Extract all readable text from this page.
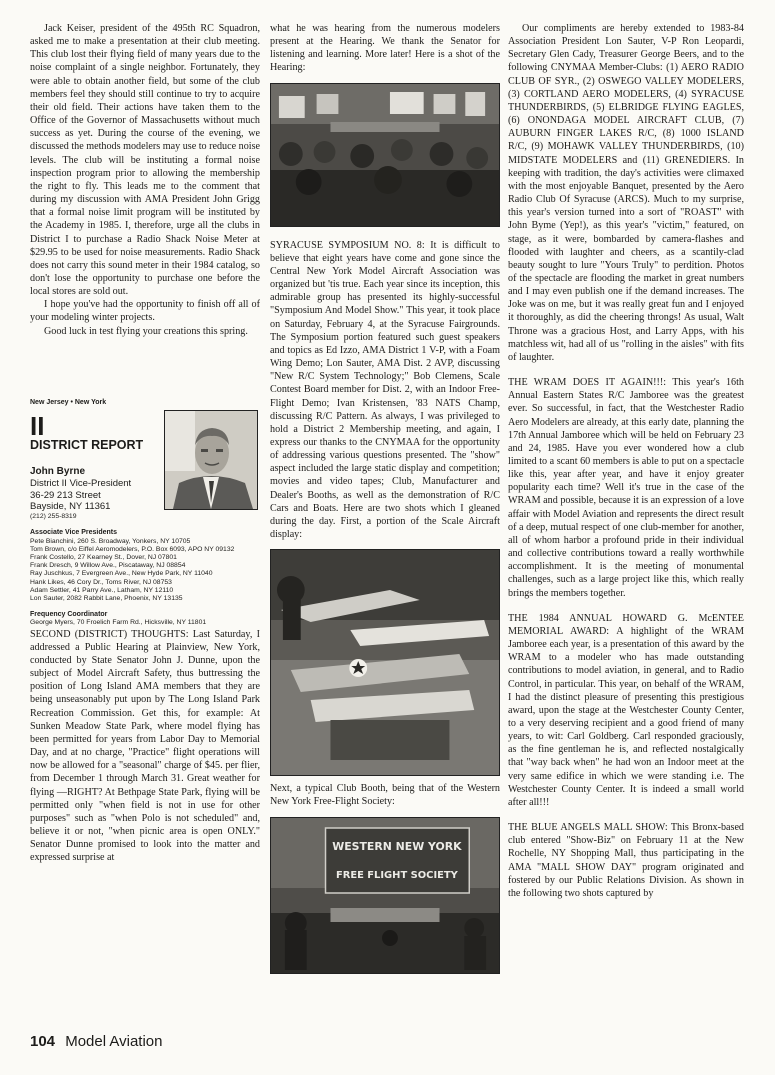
Jack Keiser, president of the 495th RC Squadron, asked me to make a presentation at their club meeting. This club lost their flying field of many years due to the noise complaint of a single neighbor. Fortunately, they were able to obtain another field, but some of the club members feel they should still continue to try to acquire their old field. Their actions have taken them to the Office of the Governor of Massachusetts without much success as yet. During the course of the evening, we discussed the methods modelers may use to reduce noise levels. The club will be instituting a formal noise inspection program prior to allowing the membership the right to fly. This leads me to the comment that during my discussion with AMA President John Grigg that a formal noise limit program will be instituted by the Academy in 1985. I, therefore, urge all the clubs in District I to purchase a Radio Shack Noise Meter at $29.95 to be used for noise measurements. Radio Shack does not carry this sound meter in their 1984 catalog, so don't lose the opportunity to purchase one before the local stores are sold out.

I hope you've had the opportunity to finish off all of your modeling winter projects.

Good luck in test flying your creations this spring.

New Jersey • New York
II
DISTRICT REPORT
John Byrne
District II Vice-President
36-29 213 Street
Bayside, NY 11361
(212) 255-8319
Associate Vice Presidents
Pete Bianchini, 260 S. Broadway, Yonkers, NY 10705
Tom Brown, c/o Eiffel Aeromodelers, P.O. Box 6093, APO NY 09132
Frank Costello, 27 Kearney St., Dover, NJ 07801
Frank Dresch, 9 Willow Ave., Piscataway, NJ 08854
Ray Juschkus, 7 Evergreen Ave., New Hyde Park, NY 11040
Hank Likes, 46 Cory Dr., Toms River, NJ 08753
Adam Settler, 41 Parry Ave., Latham, NY 12110
Lon Sauter, 2082 Rabbit Lane, Phoenix, NY 13135
Frequency Coordinator
George Myers, 70 Froelich Farm Rd., Hicksville, NY 11801

SECOND (DISTRICT) THOUGHTS: Last Saturday, I addressed a Public Hearing at Plainview, New York, conducted by State Senator John J. Dunne, upon the subject of Model Aircraft Safety, thus buttressing the position of Long Island AMA members that they are being unseasonably put upon by The Long Island Park Recreation Commission. Get this, for example: At Sunken Meadow State Park, where model flying has been permitted for years from Labor Day to Memorial Day, and at no charge, "Practice" flight operations will now be allowed for a "seasonal" charge of $45. per flier, from December 1 through March 31. Great weather for flying —RIGHT? At Bethpage State Park, flying will be permitted only "when field is not in use for other purposes" such as "when Polo is not scheduled" and, believe it or not, "when picnic area is open ONLY." Senator Dunne promised to look into the matter and expressed surprise at

what he was hearing from the numerous modelers present at the Hearing. We thank the Senator for listening and learning. More later! Here is a shot of the Hearing:

SYRACUSE SYMPOSIUM NO. 8: It is difficult to believe that eight years have come and gone since the Central New York Model Aircraft Association was organized but 'tis true. Each year since its inception, this admirable group has presented its highly-successful "Symposium And Model Show." This year, it took place on Saturday, February 4, at the Syracuse Fairgrounds. The Symposium portion featured such guest speakers and topics as Ed Izzo, AMA District 1 V-P, with a Foam Wing Demo; Lon Sauter, AMA Dist. 2 AVP, discussing "New R/C System Technology;" Bob Clemens, Scale Contest Board member for Dist. 2, with an Indoor Free-Flight Demo; Ivan Kristensen, '83 NATS Champ, discussing R/C Pattern. As always, I was privileged to hold a District 2 Membership meeting, and again, I express our thanks to the CNYMAA for the opportunity of addressing various questions presented. The "show" aspect included the large static display and competition; movies and video tapes; Club, Manufacturer and Dealer's Booths, as well as the demonstration of R/C Cars and Boats. Here are two shots which I gleaned during the day. First, a portion of the Scale Aircraft display:

Next, a typical Club Booth, being that of the Western New York Free-Flight Society:

WESTERN NEW YORK
FREE FLIGHT SOCIETY

Our compliments are hereby extended to 1983-84 Association President Lon Sauter, V-P Ron Leopardi, Secretary Glen Cady, Treasurer George Beers, and to the following CNYMAA Member-Clubs: (1) AERO RADIO CLUB OF SYR., (2) OSWEGO VALLEY MODELERS, (3) CORTLAND AERO MODELERS, (4) SYRACUSE THUNDERBIRDS, (5) ELBRIDGE FLYING EAGLES, (6) ONONDAGA MODEL AIRCRAFT CLUB, (7) AUBURN FINGER LAKES R/C, (8) 1000 ISLAND R/C, (9) MOHAWK VALLEY THUNDERBIRDS, (10) MIDSTATE MODELERS and (11) GRENEDIERS. In keeping with tradition, the day's activities were climaxed with the most enjoyable Banquet, presented by the Aero Radio Club Of Syracuse (ARCS). Much to my surprise, this year's version turned into a sort of "ROAST" with John Byme (Yep!), as this year's "victim," featured, on stage, as it were, bombarded by camera-flashes and flooded with laughter and cheers, as a scantily-clad beauty sought to lure "Yours Truly" to perdition. Photos of the spectacle are flooding the market in great numbers and I may even publish one if the demand increases. The Joke was on me, but it was really great fun and I enjoyed it thoroughly, as did the cheering throngs! As usual, Walt Throne was a gracious Host, and Larry Apps, with his matchless wit, had all of us "rolling in the aisles" with fits of laughter.

THE WRAM DOES IT AGAIN!!!: This year's 16th Annual Eastern States R/C Jamboree was the greatest ever. So successful, in fact, that the Westchester Radio Aero Modelers are already, at this early date, planning the 17th Annual Jamboree which will be held on February 23 and 24, 1985. Have you ever wondered how a club limited to a scant 60 members is able to put on a spectacle like this, year after year, and have it enjoy greater popularity each time? Well it's true in the case of the WRAM and possible, because it is an expression of a love affair with Model Aviation and represents the direct result of a deep, mutual respect of one club-member for another, all of whom harbor a profound pride in their individual and collective contributions toward a really worthwhile accomplishment. It is the meeting of monumental challenges, such as a large project like this, which really brings the members together.

THE 1984 ANNUAL HOWARD G. McENTEE MEMORIAL AWARD: A highlight of the WRAM Jamboree each year, is a presentation of this award by the WRAM to a modeler who has made outstanding contributions to model aviation, in general, and to Radio Control, in particular. This year, on behalf of the WRAM, I had the distinct pleasure of presenting this prestigious award, upon the stage at the Westchester County Center, to a very deserving recipient and a good friend of many years, to wit: Carl Goldberg. Carl responded graciously, as the fine gentleman he is, and reflected nostalgically that "way back when" he had won an Indoor meet at the very same edifice in which we were standing i.e. The Westchester County Center. It is indeed a small world after all!!!

THE BLUE ANGELS MALL SHOW: This Bronx-based club entered "Show-Biz" on February 11 at the New Rochelle, NY Shopping Mall, thus participating in the AMA "MALL SHOW DAY" program originated and fostered by our Public Relations Division. As shown in the following two shots captured by

104 Model Aviation
